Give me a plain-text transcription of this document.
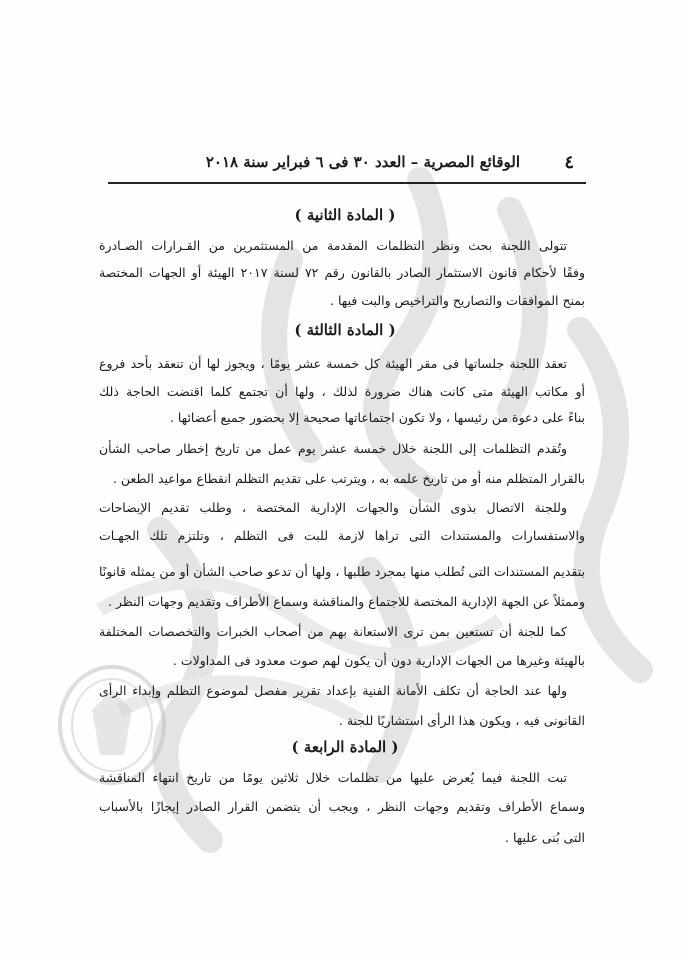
٤
الوقائع المصرية – العدد ٣٠ فى ٦ فبراير سنة ٢٠١٨
( المادة الثانية )
تتولى اللجنة بحث ونظر التظلمات المقدمة من المستثمرين من القـرارات الصـادرة
وفقًا لأحكام قانون الاستثمار الصادر بالقانون رقم ٧٢ لسنة ٢٠١٧ الهيئة أو الجهات المختصة
بمنح الموافقات والتصاريح والتراخيص والبت فيها .
( المادة الثالثة )
تعقد اللجنة جلساتها فى مقر الهيئة كل خمسة عشر يومًا ، ويجوز لها أن تنعقد بأحد فروع
أو مكاتب الهيئة متى كانت هناك ضرورة لذلك ، ولها أن تجتمع كلما اقتضت الحاجة ذلك
بناءً على دعوة من رئيسها ، ولا تكون اجتماعاتها صحيحة إلا بحضور جميع أعضائها .
وتُقدم التظلمات إلى اللجنة خلال خمسة عشر يوم عمل من تاريخ إخطار صاحب الشأن
بالقرار المتظلم منه أو من تاريخ علمه به ، ويترتب على تقديم التظلم انقطاع مواعيد الطعن .
وللجنة الاتصال بذوى الشأن والجهات الإدارية المختصة ، وطلب تقديم الإيضاحات
والاستفسارات والمستندات التى تراها لازمة للبت فى التظلم ، وتلتزم تلك الجهـات
بتقديم المستندات التى تُطلب منها بمجرد طلبها ، ولها أن تدعو صاحب الشأن أو من يمثله قانونًا
وممثلاً عن الجهة الإدارية المختصة للاجتماع والمناقشة وسماع الأطراف وتقديم وجهات النظر .
كما للجنة أن تستعين بمن ترى الاستعانة بهم من أصحاب الخبرات والتخصصات المختلفة
بالهيئة وغيرها من الجهات الإدارية دون أن يكون لهم صوت معدود فى المداولات .
ولها عند الحاجة أن تكلف الأمانة الفنية بإعداد تقرير مفصل لموضوع التظلم وإبداء الرأى
القانونى فيه ، ويكون هذا الرأى استشاريًا للجنة .
( المادة الرابعة )
تبت اللجنة فيما يُعرض عليها من تظلمات خلال ثلاثين يومًا من تاريخ انتهاء المناقشة
وسماع الأطراف وتقديم وجهات النظر ، ويجب أن يتضمن القرار الصادر إيجازًا بالأسباب
التى بُنى عليها .
